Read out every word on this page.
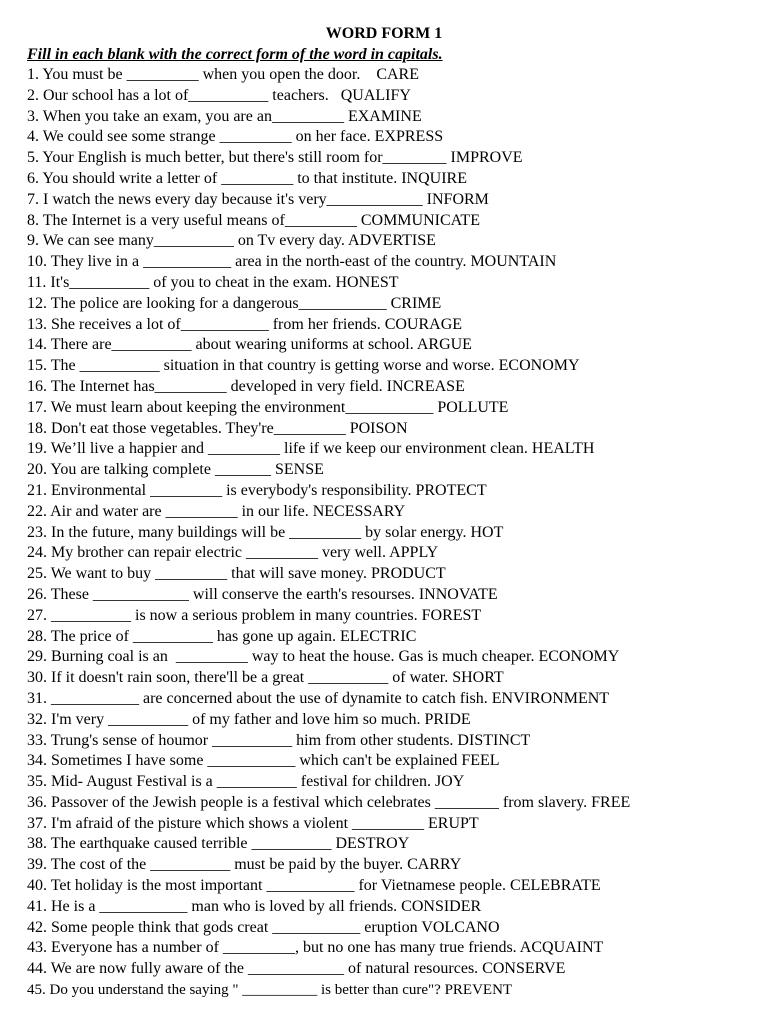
WORD FORM 1
Fill in each blank with the correct form of the word in capitals.
1. You must be _________ when you open the door.    CARE
2. Our school has a lot of__________ teachers.   QUALIFY
3. When you take an exam, you are an_________ EXAMINE
4. We could see some strange _________ on her face. EXPRESS
5. Your English is much better, but there's still room for________ IMPROVE
6. You should write a letter of _________ to that institute. INQUIRE
7. I watch the news every day because it's very____________ INFORM
8. The Internet is a very useful means of_________ COMMUNICATE
9. We can see many__________ on Tv every day. ADVERTISE
10. They live in a ___________ area in the north-east of the country. MOUNTAIN
11. It's__________ of you to cheat in the exam. HONEST
12. The police are looking for a dangerous___________ CRIME
13. She receives a lot of___________ from her friends. COURAGE
14. There are__________ about wearing uniforms at school. ARGUE
15. The __________ situation in that country is getting worse and worse. ECONOMY
16. The Internet has_________ developed in very field. INCREASE
17. We must learn about keeping the environment___________ POLLUTE
18. Don't eat those vegetables. They're_________ POISON
19. We’ll live a happier and _________ life if we keep our environment clean. HEALTH
20. You are talking complete _______ SENSE
21. Environmental _________ is everybody's responsibility. PROTECT
22. Air and water are _________ in our life. NECESSARY
23. In the future, many buildings will be _________ by solar energy. HOT
24. My brother can repair electric _________ very well. APPLY
25. We want to buy _________ that will save money. PRODUCT
26. These ____________ will conserve the earth's resourses. INNOVATE
27. __________ is now a serious problem in many countries. FOREST
28. The price of __________ has gone up again. ELECTRIC
29. Burning coal is an  _________ way to heat the house. Gas is much cheaper. ECONOMY
30. If it doesn't rain soon, there'll be a great __________ of water. SHORT
31. ___________ are concerned about the use of dynamite to catch fish. ENVIRONMENT
32. I'm very __________ of my father and love him so much. PRIDE
33. Trung's sense of houmor __________ him from other students. DISTINCT
34. Sometimes I have some ___________ which can't be explained FEEL
35. Mid- August Festival is a __________ festival for children. JOY
36. Passover of the Jewish people is a festival which celebrates ________ from slavery. FREE
37. I'm afraid of the pisture which shows a violent _________ ERUPT
38. The earthquake caused terrible __________ DESTROY
39. The cost of the __________ must be paid by the buyer. CARRY
40. Tet holiday is the most important ___________ for Vietnamese people. CELEBRATE
41. He is a ___________ man who is loved by all friends. CONSIDER
42. Some people think that gods creat ___________ eruption VOLCANO
43. Everyone has a number of _________, but no one has many true friends. ACQUAINT
44. We are now fully aware of the ____________ of natural resources. CONSERVE
45. Do you understand the saying " __________ is better than cure"? PREVENT
